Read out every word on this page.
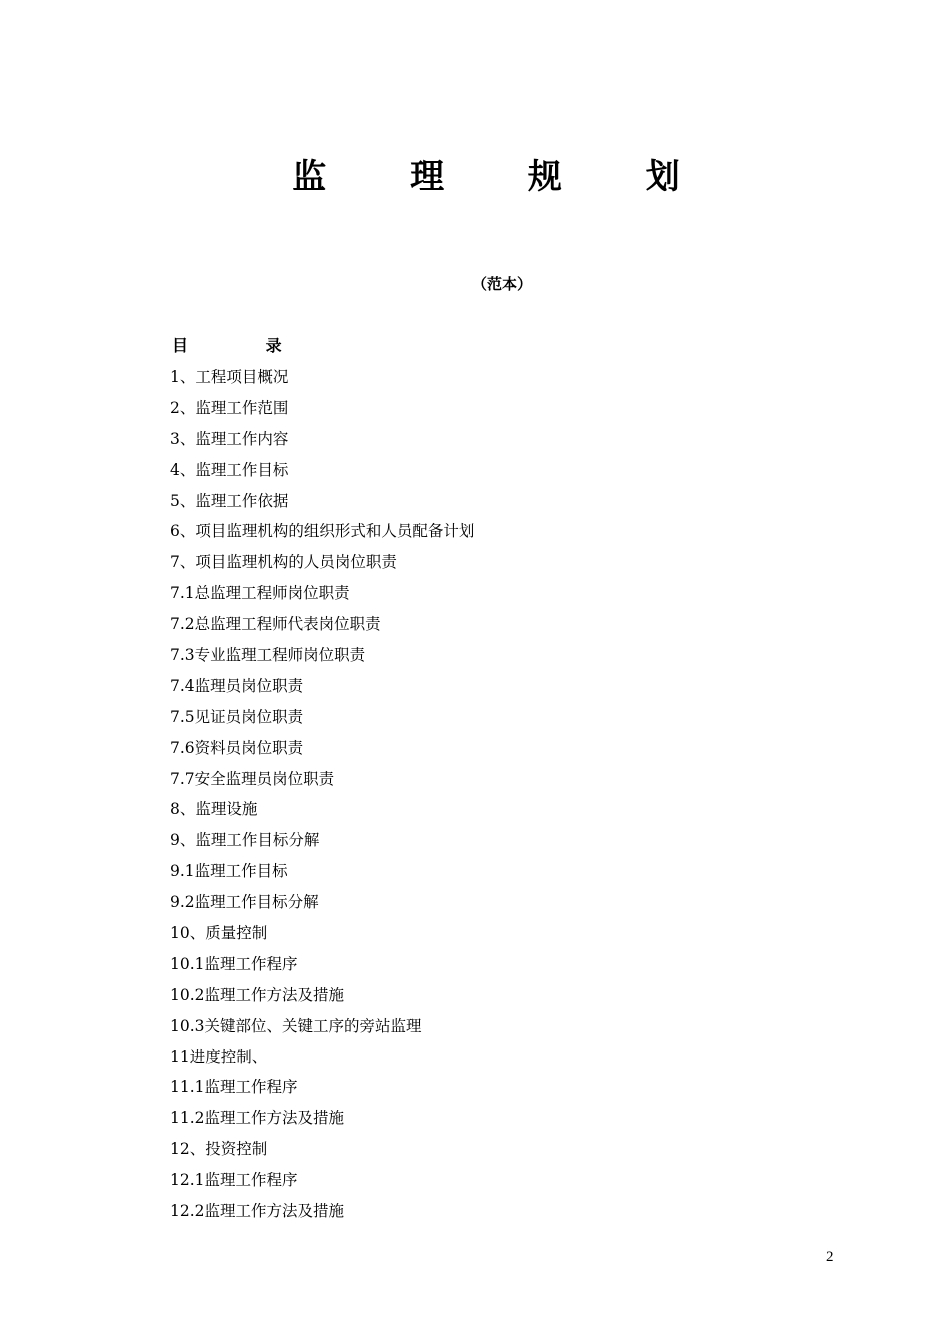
监 理 规 划
（范本）
目 录
1、工程项目概况
2、监理工作范围
3、监理工作内容
4、监理工作目标
5、监理工作依据
6、项目监理机构的组织形式和人员配备计划
7、项目监理机构的人员岗位职责
7.1总监理工程师岗位职责
7.2总监理工程师代表岗位职责
7.3专业监理工程师岗位职责
7.4监理员岗位职责
7.5见证员岗位职责
7.6资料员岗位职责
7.7安全监理员岗位职责
8、监理设施
9、监理工作目标分解
9.1监理工作目标
9.2监理工作目标分解
10、质量控制
10.1监理工作程序
10.2监理工作方法及措施
10.3关键部位、关键工序的旁站监理
11进度控制、
11.1监理工作程序
11.2监理工作方法及措施
12、投资控制
12.1监理工作程序
12.2监理工作方法及措施
2
